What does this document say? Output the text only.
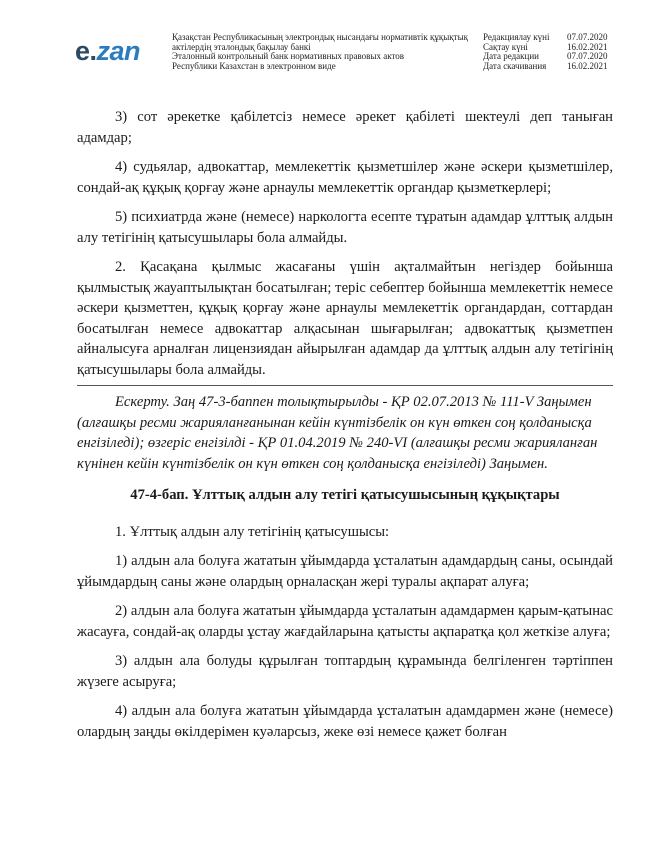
e.zan	Қазақстан Республикасының электрондық нысандағы нормативтік құқықтық
актілердің эталондық бақылау банкі
Эталонный контрольный банк нормативных правовых актов
Республики Казахстан в электронном виде
Редакциялау күні	07.07.2020
Сақтау күні	16.02.2021
Дата редакции	07.07.2020
Дата скачивания	16.02.2021

3) сот әрекетке қабілетсіз немесе әрекет қабілеті шектеулі деп таныған адамдар;

4) судьялар, адвокаттар, мемлекеттік қызметшілер және әскери қызметшілер, сондай-ақ құқық қорғау және арнаулы мемлекеттік органдар қызметкерлері;

5) психиатрда және (немесе) наркологта есепте тұратын адамдар ұлттық алдын алу тетігінің қатысушылары бола алмайды.

2. Қасақана қылмыс жасағаны үшін ақталмайтын негіздер бойынша қылмыстық жауаптылықтан босатылған; теріс себептер бойынша мемлекеттік немесе әскери қызметтен, құқық қорғау және арнаулы мемлекеттік органдардан, соттардан босатылған немесе адвокаттар алқасынан шығарылған; адвокаттық қызметпен айналысуға арналған лицензиядан айырылған адамдар да ұлттық алдын алу тетігінің қатысушылары бола алмайды.

Ескерту. Заң 47-3-баппен толықтырылды - ҚР 02.07.2013 № 111-V Заңымен (алғашқы ресми жарияланғанынан кейін күнтізбелік он күн өткен соң қолданысқа енгізіледі); өзгеріс енгізілді - ҚР 01.04.2019 № 240-VI (алғашқы ресми жарияланған күнінен кейін күнтізбелік он күн өткен соң қолданысқа енгізіледі) Заңымен.

47-4-бап. Ұлттық алдын алу тетігі қатысушысының құқықтары

1. Ұлттық алдын алу тетігінің қатысушысы:

1) алдын ала болуға жататын ұйымдарда ұсталатын адамдардың саны, осындай ұйымдардың саны және олардың орналасқан жері туралы ақпарат алуға;

2) алдын ала болуға жататын ұйымдарда ұсталатын адамдармен қарым-қатынас жасауға, сондай-ақ оларды ұстау жағдайларына қатысты ақпаратқа қол жеткізе алуға;

3) алдын ала болуды құрылған топтардың құрамында белгіленген тәртіппен жүзеге асыруға;

4) алдын ала болуға жататын ұйымдарда ұсталатын адамдармен және (немесе) олардың заңды өкілдерімен куәларсыз, жеке өзі немесе қажет болған
